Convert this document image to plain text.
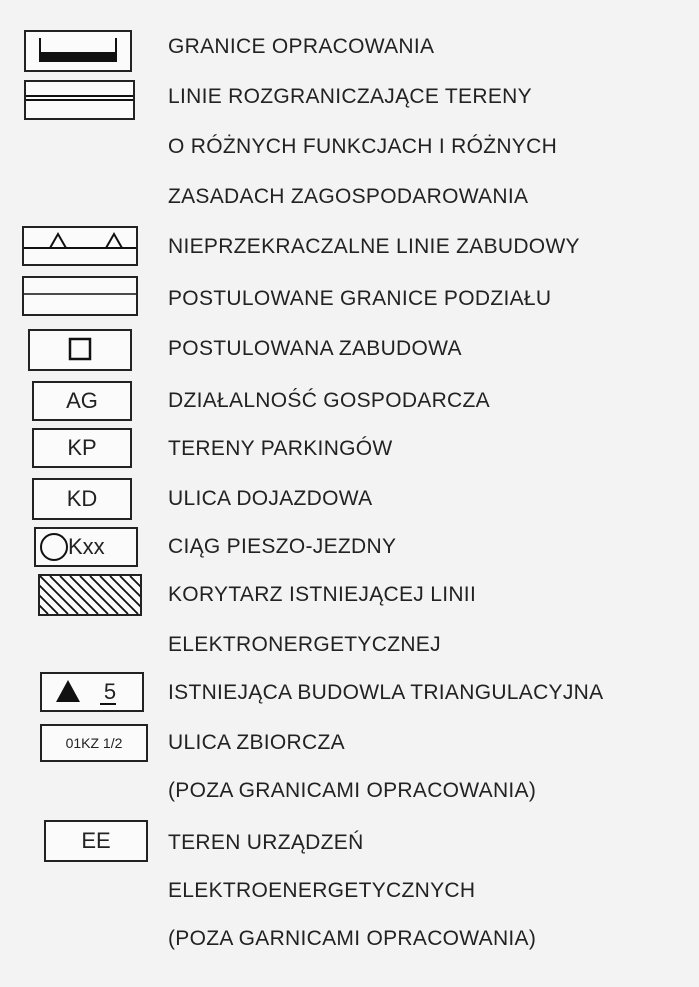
GRANICE OPRACOWANIA
LINIE ROZGRANICZAJĄCE TERENY
O RÓŻNYCH FUNKCJACH I RÓŻNYCH
ZASADACH ZAGOSPODAROWANIA
NIEPRZEKRACZALNE LINIE ZABUDOWY
POSTULOWANE GRANICE PODZIAŁU
POSTULOWANA ZABUDOWA
AG	DZIAŁALNOŚĆ GOSPODARCZA
KP	TERENY PARKINGÓW
KD	ULICA DOJAZDOWA
Kxx	CIĄG PIESZO-JEZDNY
KORYTARZ ISTNIEJĄCEJ LINII
ELEKTRONERGETYCZNEJ
5 ISTNIEJĄCA BUDOWLA TRIANGULACYJNA
01KZ 1/2	ULICA ZBIORCZA
(POZA GRANICAMI OPRACOWANIA)
EE	TEREN URZĄDZEŃ
ELEKTROENERGETYCZNYCH
(POZA GARNICAMI OPRACOWANIA)
